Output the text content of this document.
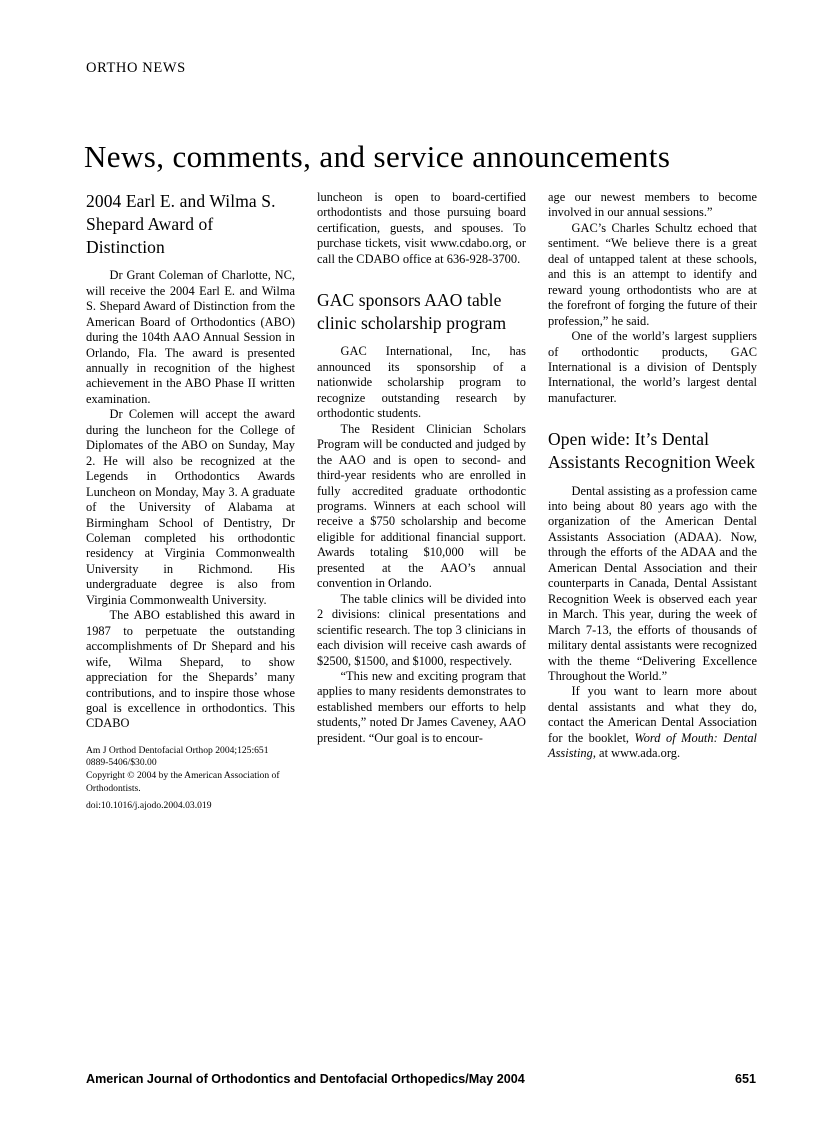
ORTHO NEWS
News, comments, and service announcements
2004 Earl E. and Wilma S. Shepard Award of Distinction

Dr Grant Coleman of Charlotte, NC, will receive the 2004 Earl E. and Wilma S. Shepard Award of Distinction from the American Board of Orthodontics (ABO) during the 104th AAO Annual Session in Orlando, Fla. The award is presented annually in recognition of the highest achievement in the ABO Phase II written examination.

Dr Colemen will accept the award during the luncheon for the College of Diplomates of the ABO on Sunday, May 2. He will also be recognized at the Legends in Orthodontics Awards Luncheon on Monday, May 3. A graduate of the University of Alabama at Birmingham School of Dentistry, Dr Coleman completed his orthodontic residency at Virginia Commonwealth University in Richmond. His undergraduate degree is also from Virginia Commonwealth University.

The ABO established this award in 1987 to perpetuate the outstanding accomplishments of Dr Shepard and his wife, Wilma Shepard, to show appreciation for the Shepards’ many contributions, and to inspire those whose goal is excellence in orthodontics. This CDABO

Am J Orthod Dentofacial Orthop 2004;125:651

0889-5406/$30.00

Copyright © 2004 by the American Association of Orthodontists.

doi:10.1016/j.ajodo.2004.03.019

luncheon is open to board-certified orthodontists and those pursuing board certification, guests, and spouses. To purchase tickets, visit www.cdabo.org, or call the CDABO office at 636-928-3700.

GAC sponsors AAO table clinic scholarship program

GAC International, Inc, has announced its sponsorship of a nationwide scholarship program to recognize outstanding research by orthodontic students.

The Resident Clinician Scholars Program will be conducted and judged by the AAO and is open to second- and third-year residents who are enrolled in fully accredited graduate orthodontic programs. Winners at each school will receive a $750 scholarship and become eligible for additional financial support. Awards totaling $10,000 will be presented at the AAO’s annual convention in Orlando.

The table clinics will be divided into 2 divisions: clinical presentations and scientific research. The top 3 clinicians in each division will receive cash awards of $2500, $1500, and $1000, respectively.

“This new and exciting program that applies to many residents demonstrates to established members our efforts to help students,” noted Dr James Caveney, AAO president. “Our goal is to encour-

age our newest members to become involved in our annual sessions.”

GAC’s Charles Schultz echoed that sentiment. “We believe there is a great deal of untapped talent at these schools, and this is an attempt to identify and reward young orthodontists who are at the forefront of forging the future of their profession,” he said.

One of the world’s largest suppliers of orthodontic products, GAC International is a division of Dentsply International, the world’s largest dental manufacturer.

Open wide: It’s Dental Assistants Recognition Week

Dental assisting as a profession came into being about 80 years ago with the organization of the American Dental Assistants Association (ADAA). Now, through the efforts of the ADAA and the American Dental Association and their counterparts in Canada, Dental Assistant Recognition Week is observed each year in March. This year, during the week of March 7-13, the efforts of thousands of military dental assistants were recognized with the theme “Delivering Excellence Throughout the World.”

If you want to learn more about dental assistants and what they do, contact the American Dental Association for the booklet, Word of Mouth: Dental Assisting, at www.ada.org.

American Journal of Orthodontics and Dentofacial Orthopedics/May 2004	651
